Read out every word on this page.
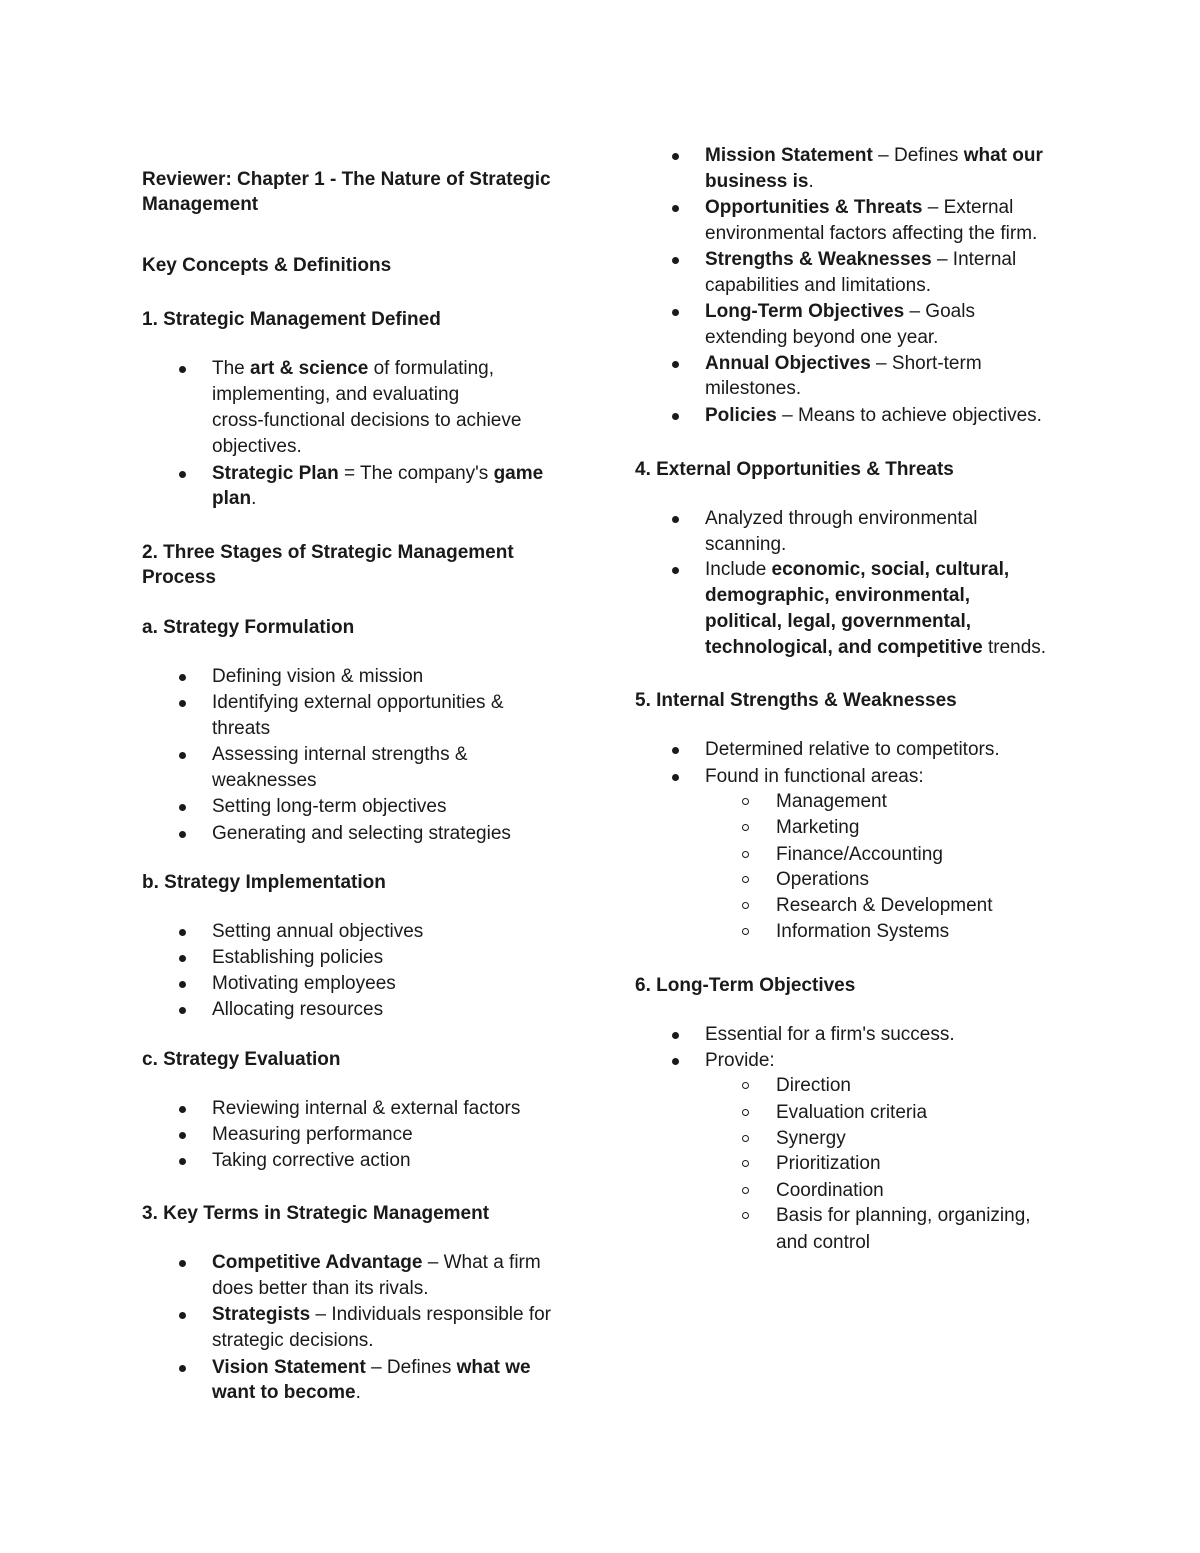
Reviewer: Chapter 1 - The Nature of Strategic
Management
Key Concepts & Definitions
1. Strategic Management Defined
The art & science of formulating,
implementing, and evaluating
cross-functional decisions to achieve
objectives.
Strategic Plan = The company's game
plan.
2. Three Stages of Strategic Management
Process
a. Strategy Formulation
Defining vision & mission
Identifying external opportunities &
threats
Assessing internal strengths &
weaknesses
Setting long-term objectives
Generating and selecting strategies
b. Strategy Implementation
Setting annual objectives
Establishing policies
Motivating employees
Allocating resources
c. Strategy Evaluation
Reviewing internal & external factors
Measuring performance
Taking corrective action
3. Key Terms in Strategic Management
Competitive Advantage – What a firm
does better than its rivals.
Strategists – Individuals responsible for
strategic decisions.
Vision Statement – Defines what we
want to become.
Mission Statement – Defines what our
business is.
Opportunities & Threats – External
environmental factors affecting the firm.
Strengths & Weaknesses – Internal
capabilities and limitations.
Long-Term Objectives – Goals
extending beyond one year.
Annual Objectives – Short-term
milestones.
Policies – Means to achieve objectives.
4. External Opportunities & Threats
Analyzed through environmental
scanning.
Include economic, social, cultural,
demographic, environmental,
political, legal, governmental,
technological, and competitive trends.
5. Internal Strengths & Weaknesses
Determined relative to competitors.
Found in functional areas:
Management
Marketing
Finance/Accounting
Operations
Research & Development
Information Systems
6. Long-Term Objectives
Essential for a firm's success.
Provide:
Direction
Evaluation criteria
Synergy
Prioritization
Coordination
Basis for planning, organizing,
and control
